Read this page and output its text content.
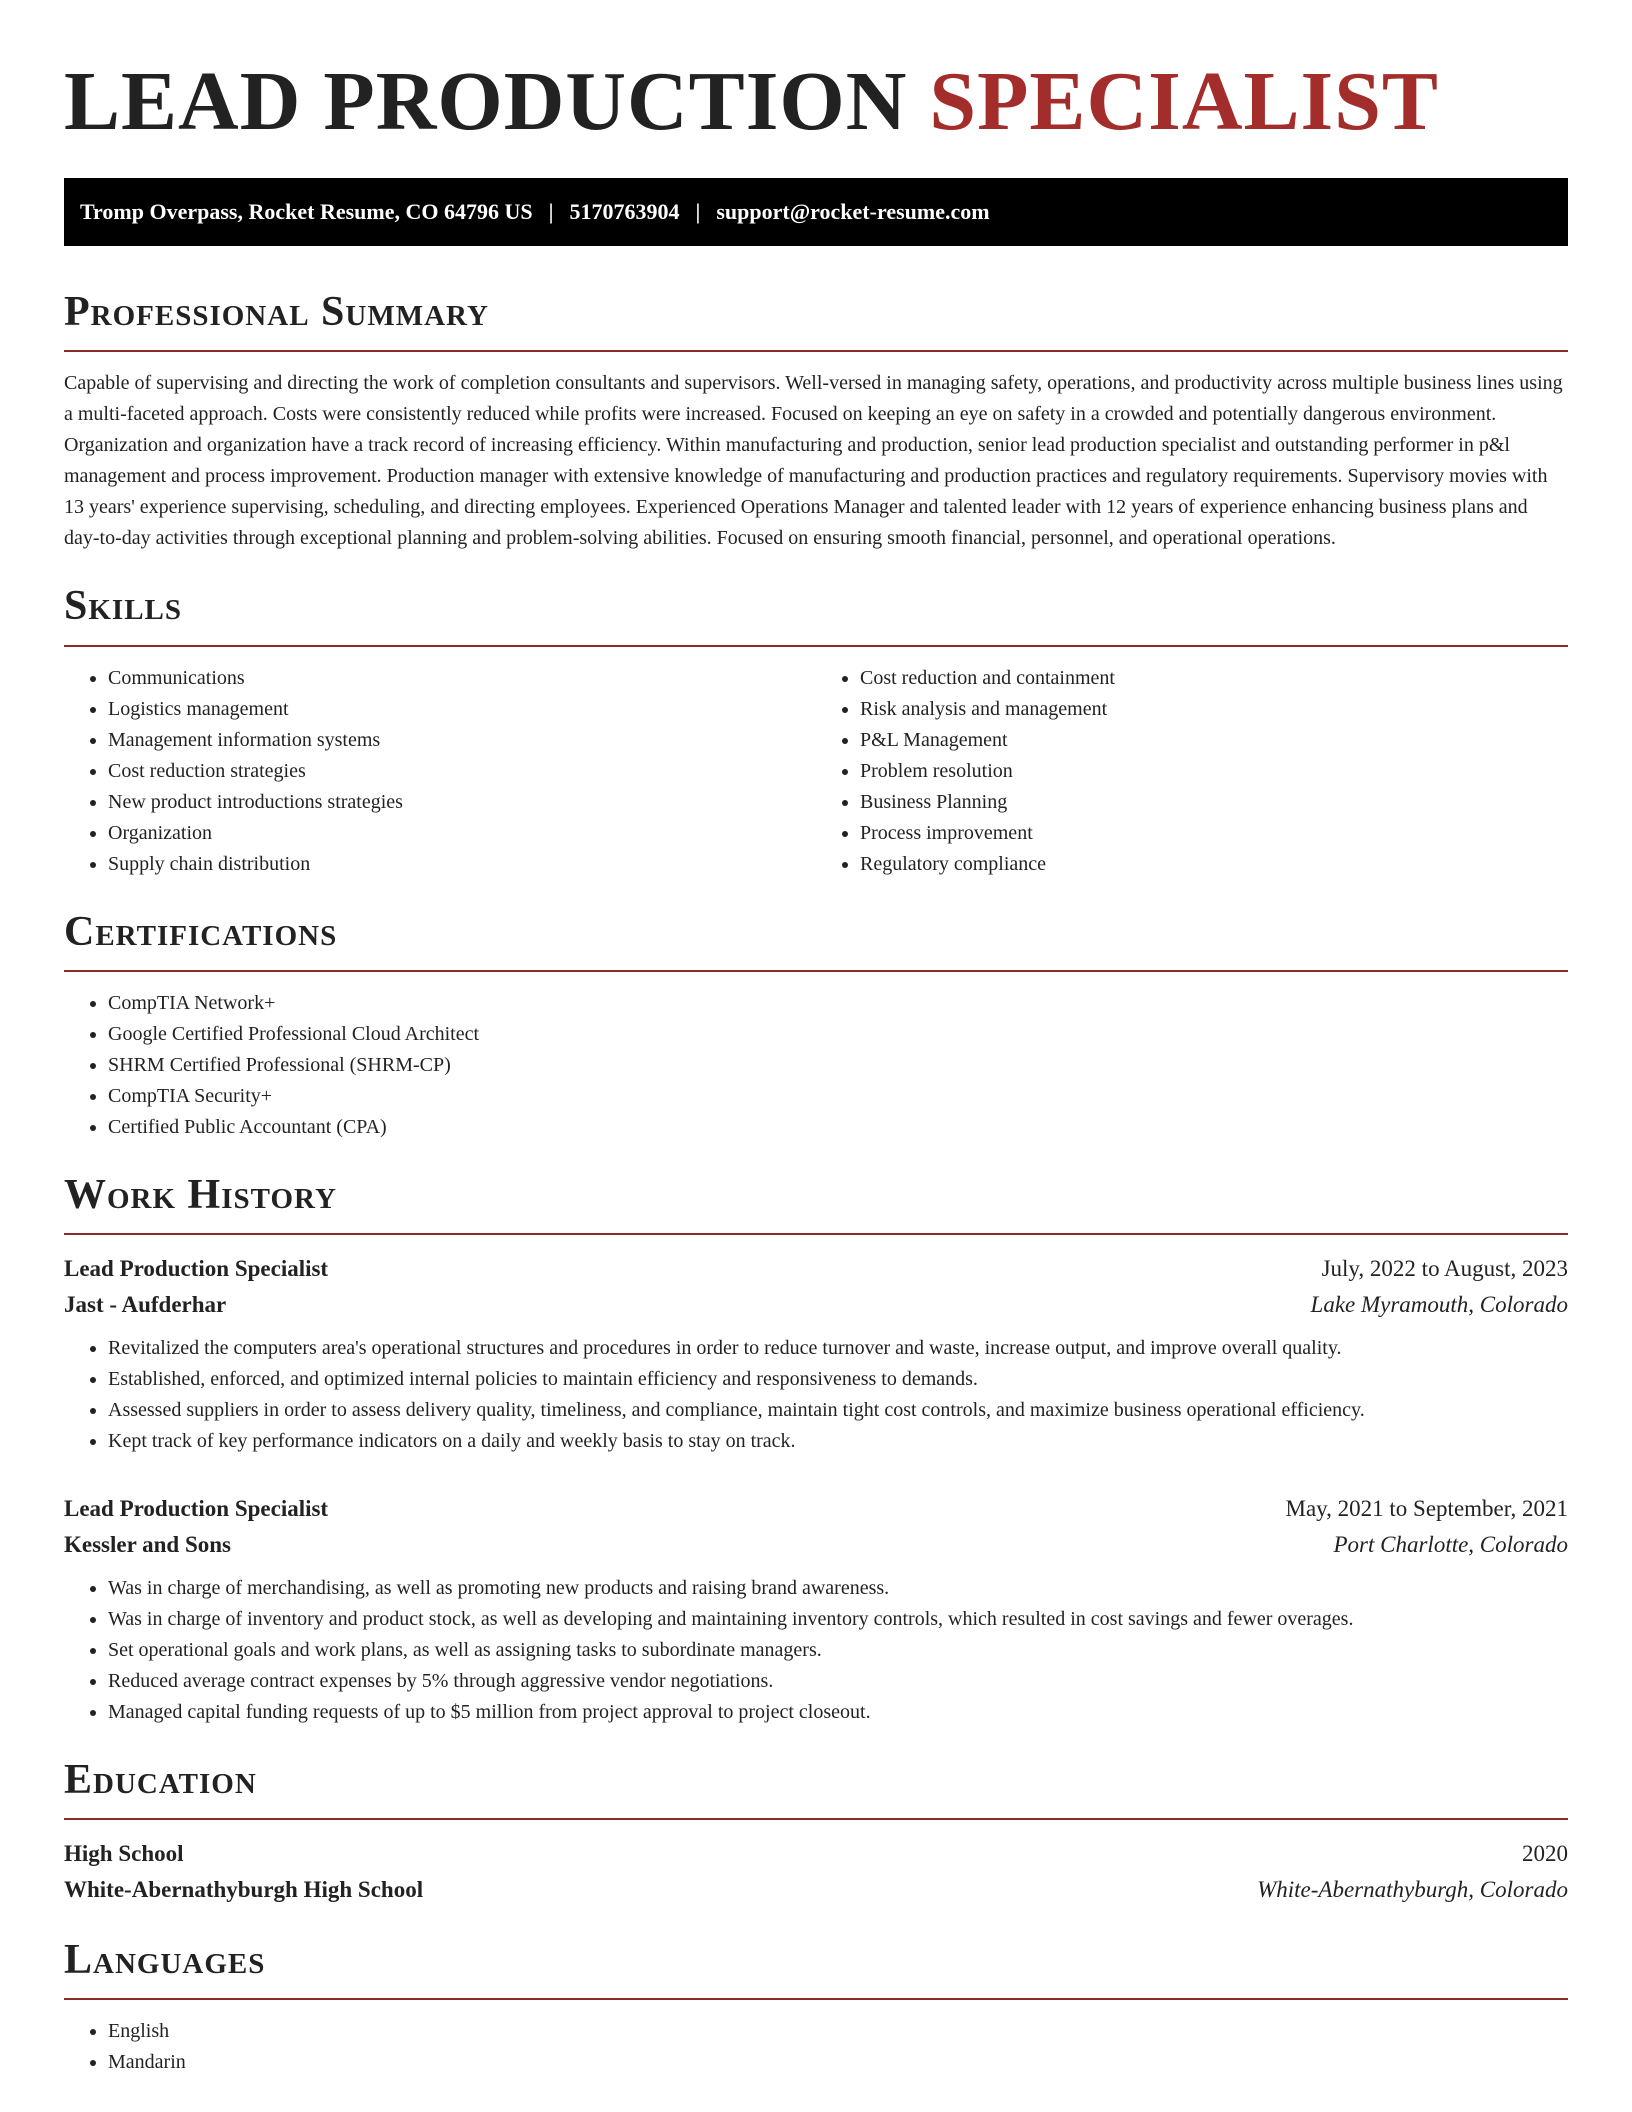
LEAD PRODUCTION SPECIALIST
Tromp Overpass, Rocket Resume, CO 64796 US | 5170763904 | support@rocket-resume.com
Professional Summary

Capable of supervising and directing the work of completion consultants and supervisors. Well-versed in managing safety, operations, and productivity across multiple business lines using a multi-faceted approach. Costs were consistently reduced while profits were increased. Focused on keeping an eye on safety in a crowded and potentially dangerous environment. Organization and organization have a track record of increasing efficiency. Within manufacturing and production, senior lead production specialist and outstanding performer in p&l management and process improvement. Production manager with extensive knowledge of manufacturing and production practices and regulatory requirements. Supervisory movies with 13 years' experience supervising, scheduling, and directing employees. Experienced Operations Manager and talented leader with 12 years of experience enhancing business plans and day-to-day activities through exceptional planning and problem-solving abilities. Focused on ensuring smooth financial, personnel, and operational operations.

Skills
• Communications
• Logistics management
• Management information systems
• Cost reduction strategies
• New product introductions strategies
• Organization
• Supply chain distribution
• Cost reduction and containment
• Risk analysis and management
• P&L Management
• Problem resolution
• Business Planning
• Process improvement
• Regulatory compliance
Certifications
• CompTIA Network+
• Google Certified Professional Cloud Architect
• SHRM Certified Professional (SHRM-CP)
• CompTIA Security+
• Certified Public Accountant (CPA)
Work History
Lead Production Specialist	July, 2022 to August, 2023
Jast - Aufderhar	Lake Myramouth, Colorado
• Revitalized the computers area's operational structures and procedures in order to reduce turnover and waste, increase output, and improve overall quality.
• Established, enforced, and optimized internal policies to maintain efficiency and responsiveness to demands.
• Assessed suppliers in order to assess delivery quality, timeliness, and compliance, maintain tight cost controls, and maximize business operational efficiency.
• Kept track of key performance indicators on a daily and weekly basis to stay on track.
Lead Production Specialist	May, 2021 to September, 2021
Kessler and Sons	Port Charlotte, Colorado
• Was in charge of merchandising, as well as promoting new products and raising brand awareness.
• Was in charge of inventory and product stock, as well as developing and maintaining inventory controls, which resulted in cost savings and fewer overages.
• Set operational goals and work plans, as well as assigning tasks to subordinate managers.
• Reduced average contract expenses by 5% through aggressive vendor negotiations.
• Managed capital funding requests of up to $5 million from project approval to project closeout.
Education
High School	2020
White-Abernathyburgh High School	White-Abernathyburgh, Colorado
Languages
• English
• Mandarin
